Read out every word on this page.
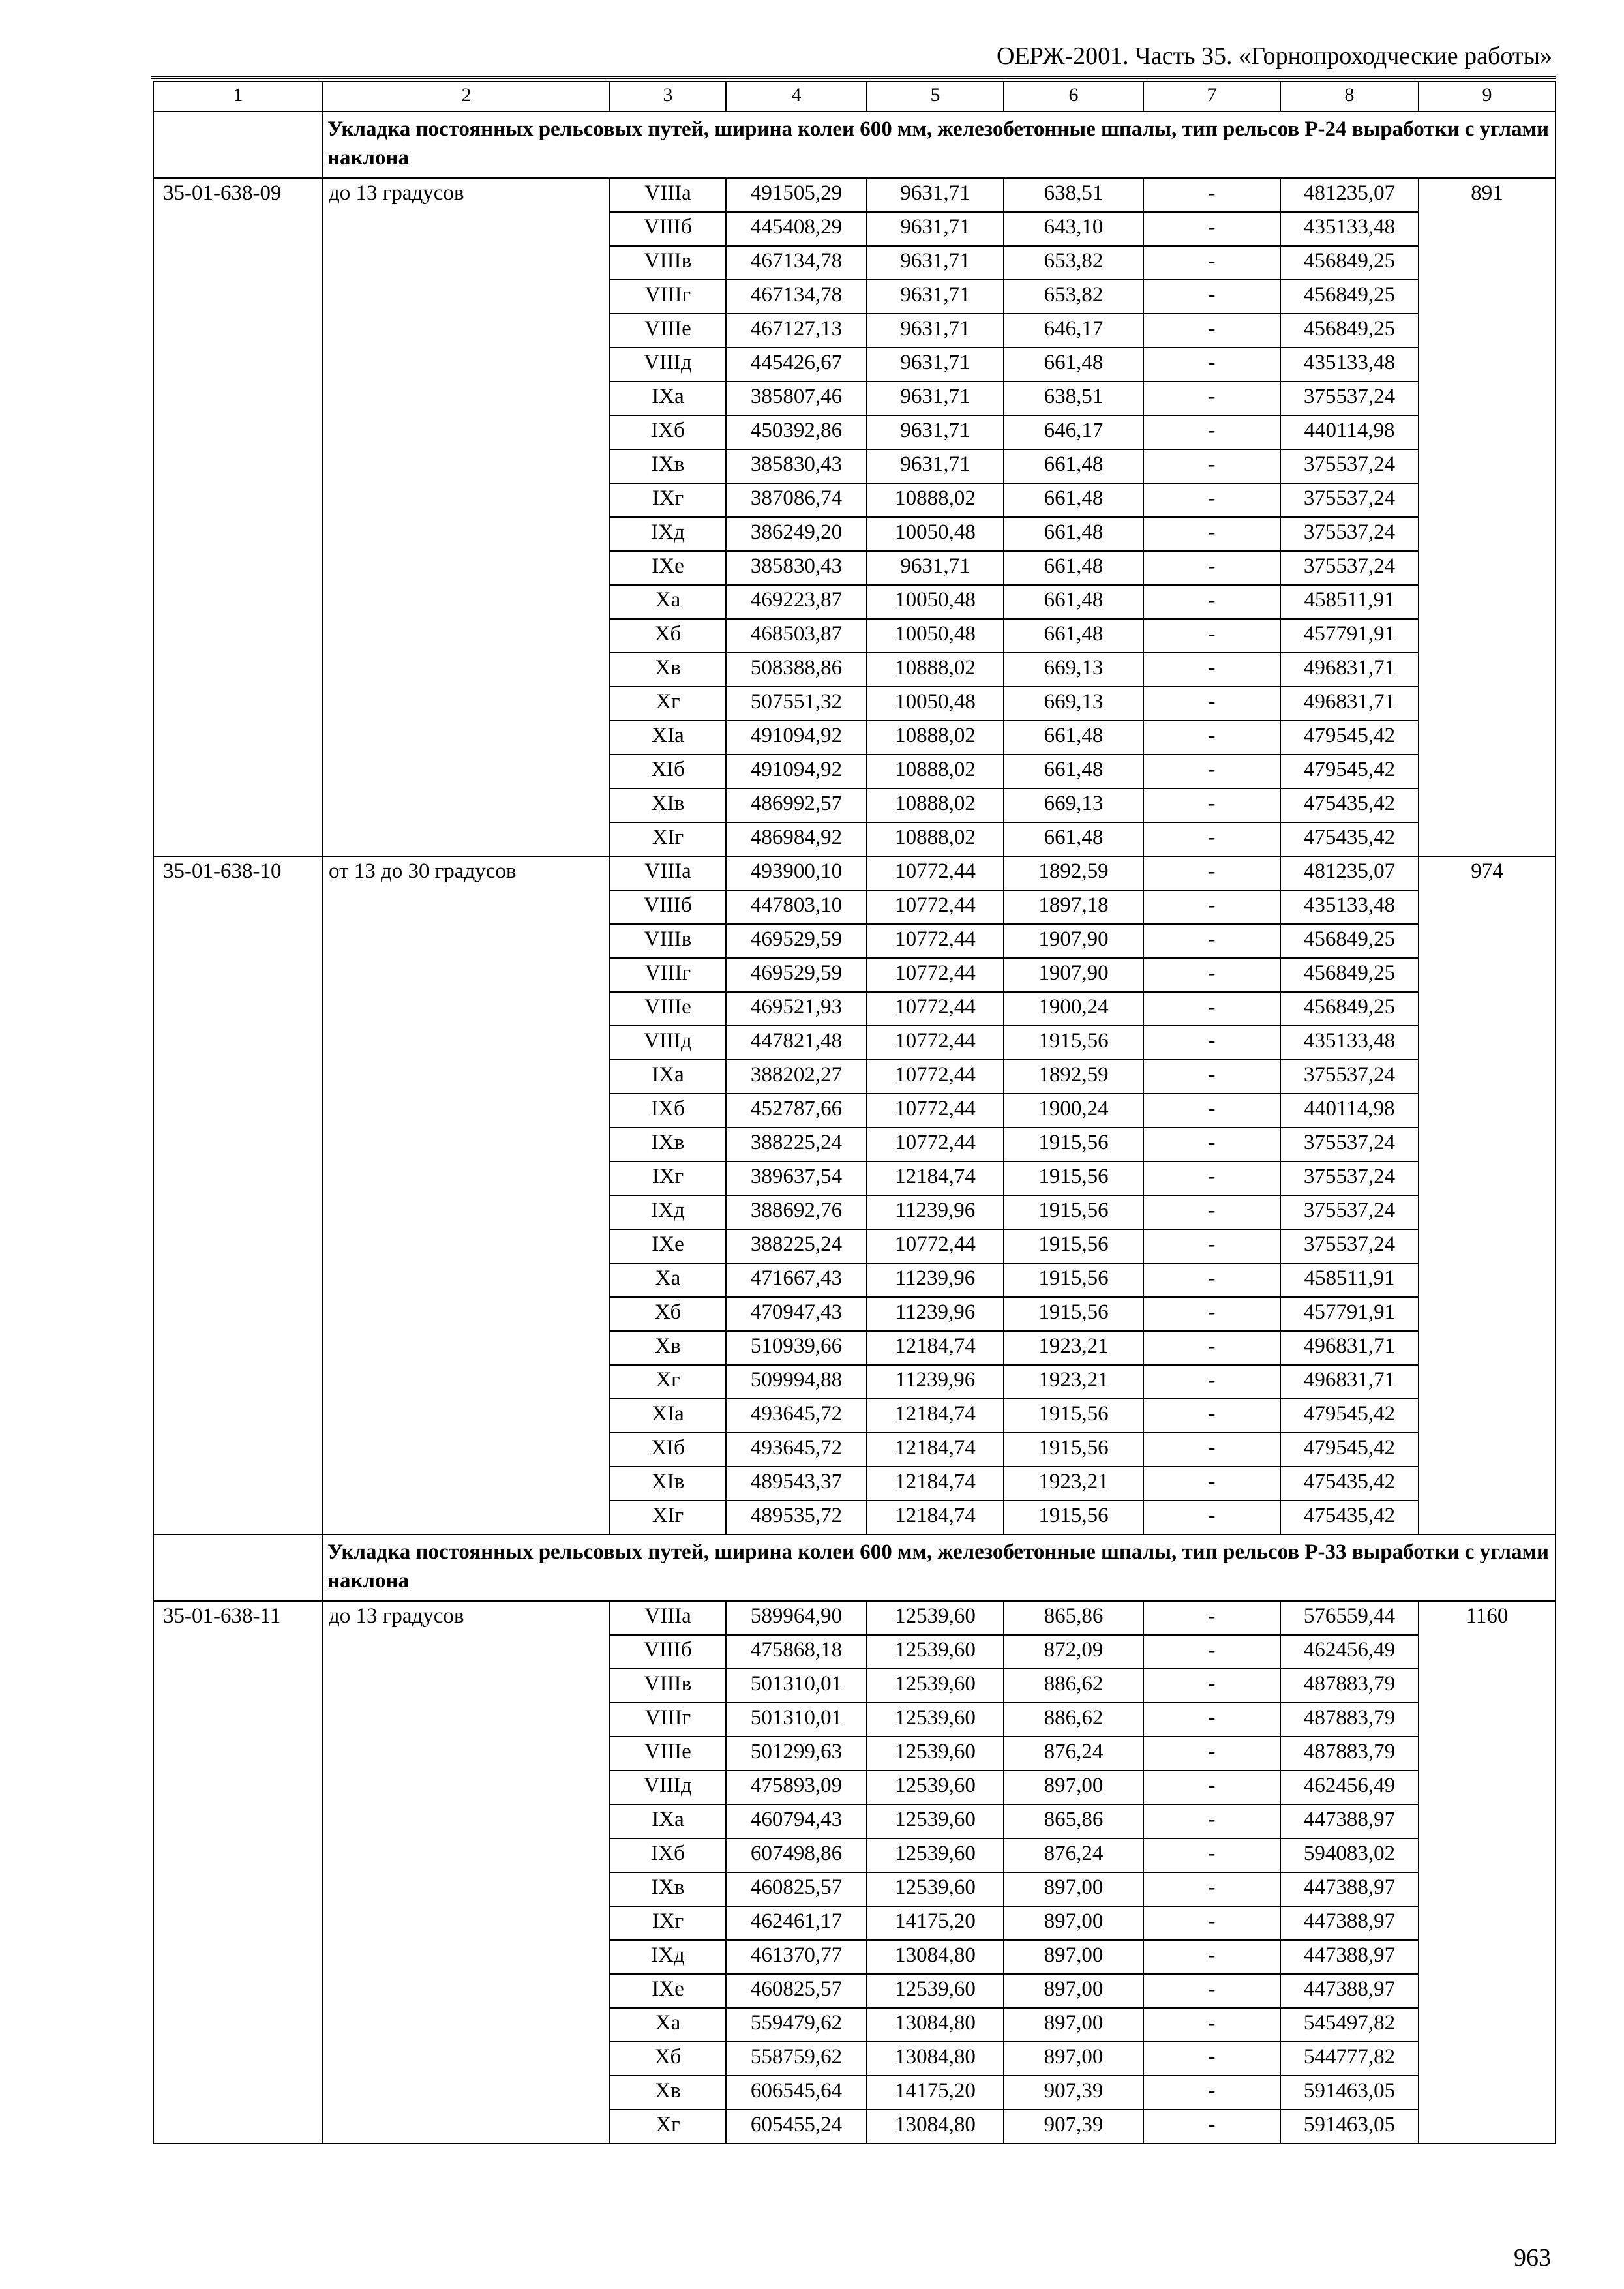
ОЕРЖ-2001. Часть 35. «Горнопроходческие работы»
1	2	3	4	5	6	7	8	9
	Укладка постоянных рельсовых путей, ширина колеи 600 мм, железобетонные шпалы, тип рельсов Р-24 выработки с углами наклона							
35-01-638-09	до 13 градусов	VIIIа	491505,29	9631,71	638,51	-	481235,07	891
		VIIIб	445408,29	9631,71	643,10	-	435133,48	
		VIIIв	467134,78	9631,71	653,82	-	456849,25	
		VIIIг	467134,78	9631,71	653,82	-	456849,25	
		VIIIе	467127,13	9631,71	646,17	-	456849,25	
		VIIIд	445426,67	9631,71	661,48	-	435133,48	
		IXа	385807,46	9631,71	638,51	-	375537,24	
		IXб	450392,86	9631,71	646,17	-	440114,98	
		IXв	385830,43	9631,71	661,48	-	375537,24	
		IXг	387086,74	10888,02	661,48	-	375537,24	
		IXд	386249,20	10050,48	661,48	-	375537,24	
		IXе	385830,43	9631,71	661,48	-	375537,24	
		Xа	469223,87	10050,48	661,48	-	458511,91	
		Xб	468503,87	10050,48	661,48	-	457791,91	
		Xв	508388,86	10888,02	669,13	-	496831,71	
		Xг	507551,32	10050,48	669,13	-	496831,71	
		XIа	491094,92	10888,02	661,48	-	479545,42	
		XIб	491094,92	10888,02	661,48	-	479545,42	
		XIв	486992,57	10888,02	669,13	-	475435,42	
		XIг	486984,92	10888,02	661,48	-	475435,42	
35-01-638-10	от 13 до 30 градусов	VIIIа	493900,10	10772,44	1892,59	-	481235,07	974
		VIIIб	447803,10	10772,44	1897,18	-	435133,48	
		VIIIв	469529,59	10772,44	1907,90	-	456849,25	
		VIIIг	469529,59	10772,44	1907,90	-	456849,25	
		VIIIе	469521,93	10772,44	1900,24	-	456849,25	
		VIIIд	447821,48	10772,44	1915,56	-	435133,48	
		IXа	388202,27	10772,44	1892,59	-	375537,24	
		IXб	452787,66	10772,44	1900,24	-	440114,98	
		IXв	388225,24	10772,44	1915,56	-	375537,24	
		IXг	389637,54	12184,74	1915,56	-	375537,24	
		IXд	388692,76	11239,96	1915,56	-	375537,24	
		IXе	388225,24	10772,44	1915,56	-	375537,24	
		Xа	471667,43	11239,96	1915,56	-	458511,91	
		Xб	470947,43	11239,96	1915,56	-	457791,91	
		Xв	510939,66	12184,74	1923,21	-	496831,71	
		Xг	509994,88	11239,96	1923,21	-	496831,71	
		XIа	493645,72	12184,74	1915,56	-	479545,42	
		XIб	493645,72	12184,74	1915,56	-	479545,42	
		XIв	489543,37	12184,74	1923,21	-	475435,42	
		XIг	489535,72	12184,74	1915,56	-	475435,42	
	Укладка постоянных рельсовых путей, ширина колеи 600 мм, железобетонные шпалы, тип рельсов Р-33 выработки с углами наклона							
35-01-638-11	до 13 градусов	VIIIа	589964,90	12539,60	865,86	-	576559,44	1160
		VIIIб	475868,18	12539,60	872,09	-	462456,49	
		VIIIв	501310,01	12539,60	886,62	-	487883,79	
		VIIIг	501310,01	12539,60	886,62	-	487883,79	
		VIIIе	501299,63	12539,60	876,24	-	487883,79	
		VIIIд	475893,09	12539,60	897,00	-	462456,49	
		IXа	460794,43	12539,60	865,86	-	447388,97	
		IXб	607498,86	12539,60	876,24	-	594083,02	
		IXв	460825,57	12539,60	897,00	-	447388,97	
		IXг	462461,17	14175,20	897,00	-	447388,97	
		IXд	461370,77	13084,80	897,00	-	447388,97	
		IXе	460825,57	12539,60	897,00	-	447388,97	
		Xа	559479,62	13084,80	897,00	-	545497,82	
		Xб	558759,62	13084,80	897,00	-	544777,82	
		Xв	606545,64	14175,20	907,39	-	591463,05	
		Xг	605455,24	13084,80	907,39	-	591463,05	
963
